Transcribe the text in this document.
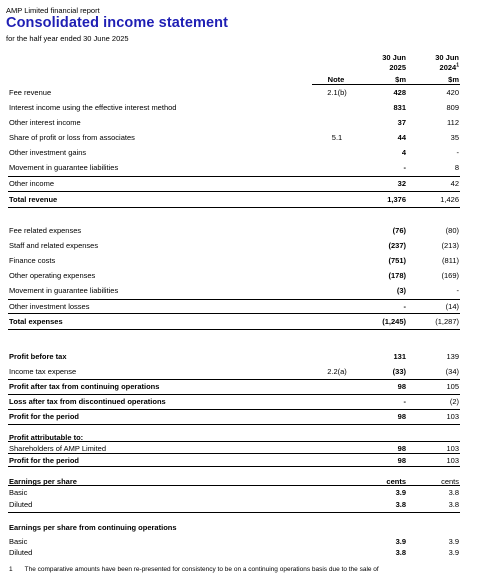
AMP Limited financial report
Consolidated income statement
for the half year ended 30 June 2025
Note
30 Jun
2025
$m
30 Jun
2024$^1$
$m
Fee revenue	2.1(b)	428	420
Interest income using the effective interest method	831	809
Other interest income	37	112
Share of profit or loss from associates	5.1	44	35
Other investment gains	4	-
Movement in guarantee liabilities	-	8
Other income	32	42
Total revenue	1,376	1,426
Fee related expenses	(76)	(80)
Staff and related expenses	(237)	(213)
Finance costs	(751)	(811)
Other operating expenses	(178)	(169)
Movement in guarantee liabilities	(3)	-
Other investment losses	-	(14)
Total expenses	(1,245)	(1,287)
Profit before tax	131	139
Income tax expense	2.2(a)	(33)	(34)
Profit after tax from continuing operations	98	105
Loss after tax from discontinued operations	-	(2)
Profit for the period	98	103
Profit attributable to:
Shareholders of AMP Limited	98	103
Profit for the period	98	103
Earnings per share	cents	cents
Basic	3.9	3.8
Diluted	3.8	3.8
Earnings per share from continuing operations
Basic	3.9	3.9
Diluted	3.8	3.9
1 The comparative amounts have been re-presented for consistency to be on a continuing operations basis due to the sale of
